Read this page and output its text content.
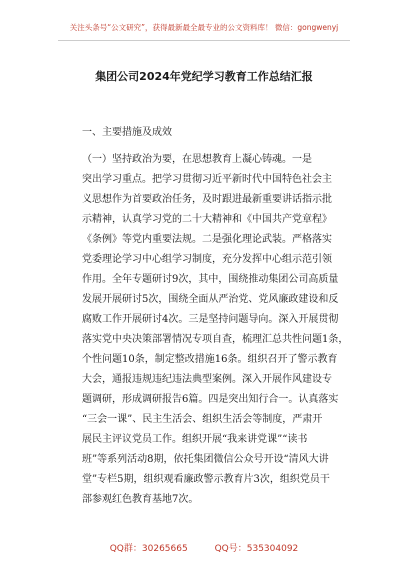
关注头条号“公文研究”，获得最新最全最专业的公文资料库！ 微信：gongwenyj
集团公司2024年党纪学习教育工作总结汇报
一、主要措施及成效
（一）坚持政治为要，在思想教育上凝心铸魂。一是
突出学习重点。把学习贯彻习近平新时代中国特色社会主
义思想作为首要政治任务，及时跟进最新重要讲话指示批
示精神，认真学习党的二十大精神和《中国共产党章程》
《条例》等党内重要法规。二是强化理论武装。严格落实
党委理论学习中心组学习制度，充分发挥中心组示范引领
作用。全年专题研讨9次，其中，围绕推动集团公司高质量
发展开展研讨5次，围绕全面从严治党、党风廉政建设和反
腐败工作开展研讨4次。三是坚持问题导向。深入开展贯彻
落实党中央决策部署情况专项自查，梳理汇总共性问题1条，
个性问题10条，制定整改措施16条。组织召开了警示教育
大会，通报违规违纪违法典型案例。深入开展作风建设专
题调研，形成调研报告6篇。四是突出知行合一。认真落实
“三会一课”、民主生活会、组织生活会等制度，严肃开
展民主评议党员工作。组织开展“我来讲党课”“读书
班”等系列活动8期，依托集团微信公众号开设“清风大讲
堂”专栏5期，组织观看廉政警示教育片3次，组织党员干
部参观红色教育基地7次。
QQ群：30265665	QQ号：535304092
